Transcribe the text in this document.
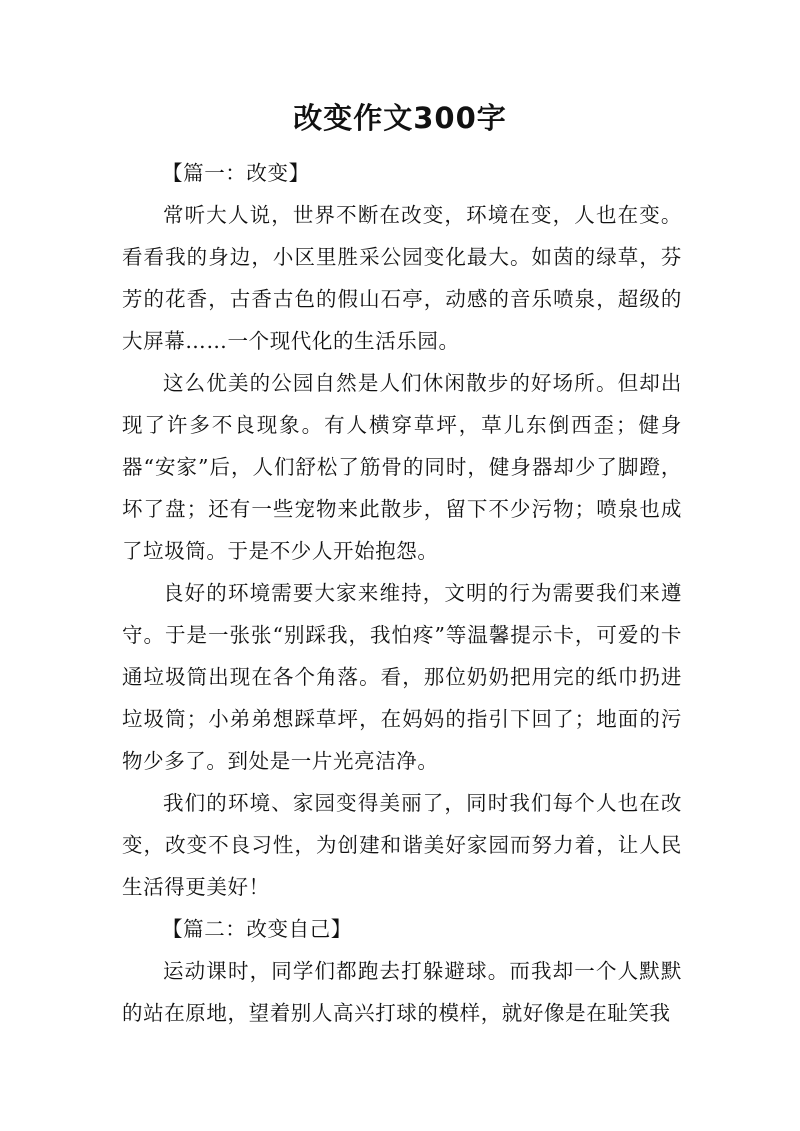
改变作文300字
【篇一：改变】

常听大人说，世界不断在改变，环境在变，人也在变。看看我的身边，小区里胜采公园变化最大。如茵的绿草，芬芳的花香，古香古色的假山石亭，动感的音乐喷泉，超级的大屏幕……一个现代化的生活乐园。

这么优美的公园自然是人们休闲散步的好场所。但却出现了许多不良现象。有人横穿草坪，草儿东倒西歪；健身器“安家”后，人们舒松了筋骨的同时，健身器却少了脚蹬，坏了盘；还有一些宠物来此散步，留下不少污物；喷泉也成了垃圾筒。于是不少人开始抱怨。

良好的环境需要大家来维持，文明的行为需要我们来遵守。于是一张张“别踩我，我怕疼”等温馨提示卡，可爱的卡通垃圾筒出现在各个角落。看，那位奶奶把用完的纸巾扔进垃圾筒；小弟弟想踩草坪，在妈妈的指引下回了；地面的污物少多了。到处是一片光亮洁净。

我们的环境、家园变得美丽了，同时我们每个人也在改变，改变不良习性，为创建和谐美好家园而努力着，让人民生活得更美好！

【篇二：改变自己】

运动课时，同学们都跑去打躲避球。而我却一个人默默的站在原地，望着别人高兴打球的模样，就好像是在耻笑我
